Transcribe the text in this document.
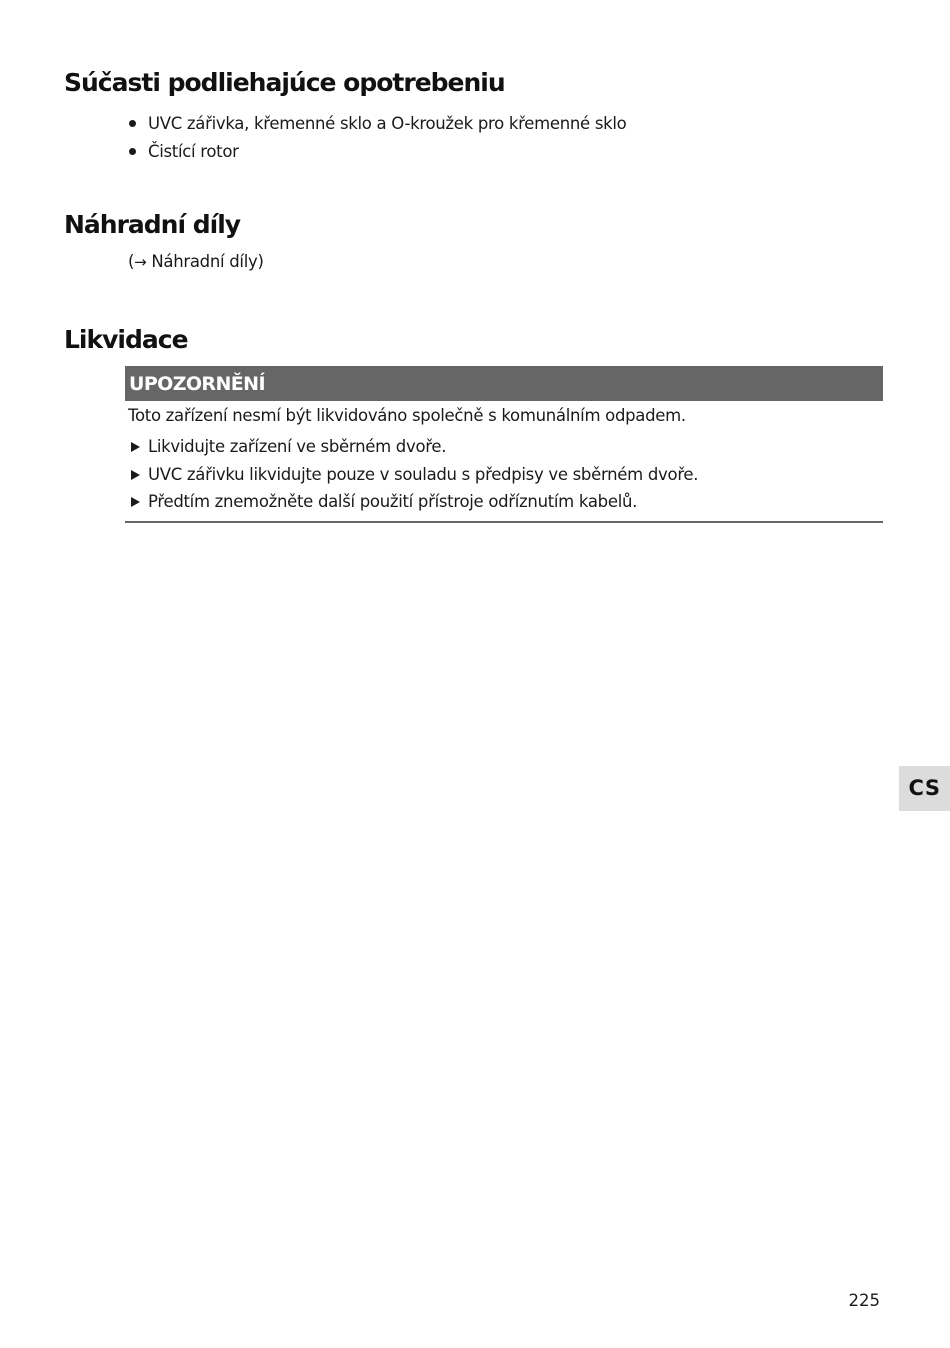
Súčasti podliehajúce opotrebeniu
UVC zářivka, křemenné sklo a O-kroužek pro křemenné sklo
Čistící rotor
Náhradní díly

(→ Náhradní díly)

Likvidace
UPOZORNĚNÍ

Toto zařízení nesmí být likvidováno společně s komunálním odpadem.

Likvidujte zařízení ve sběrném dvoře.
UVC zářivku likvidujte pouze v souladu s předpisy ve sběrném dvoře.
Předtím znemožněte další použití přístroje odříznutím kabelů.
CS
225
